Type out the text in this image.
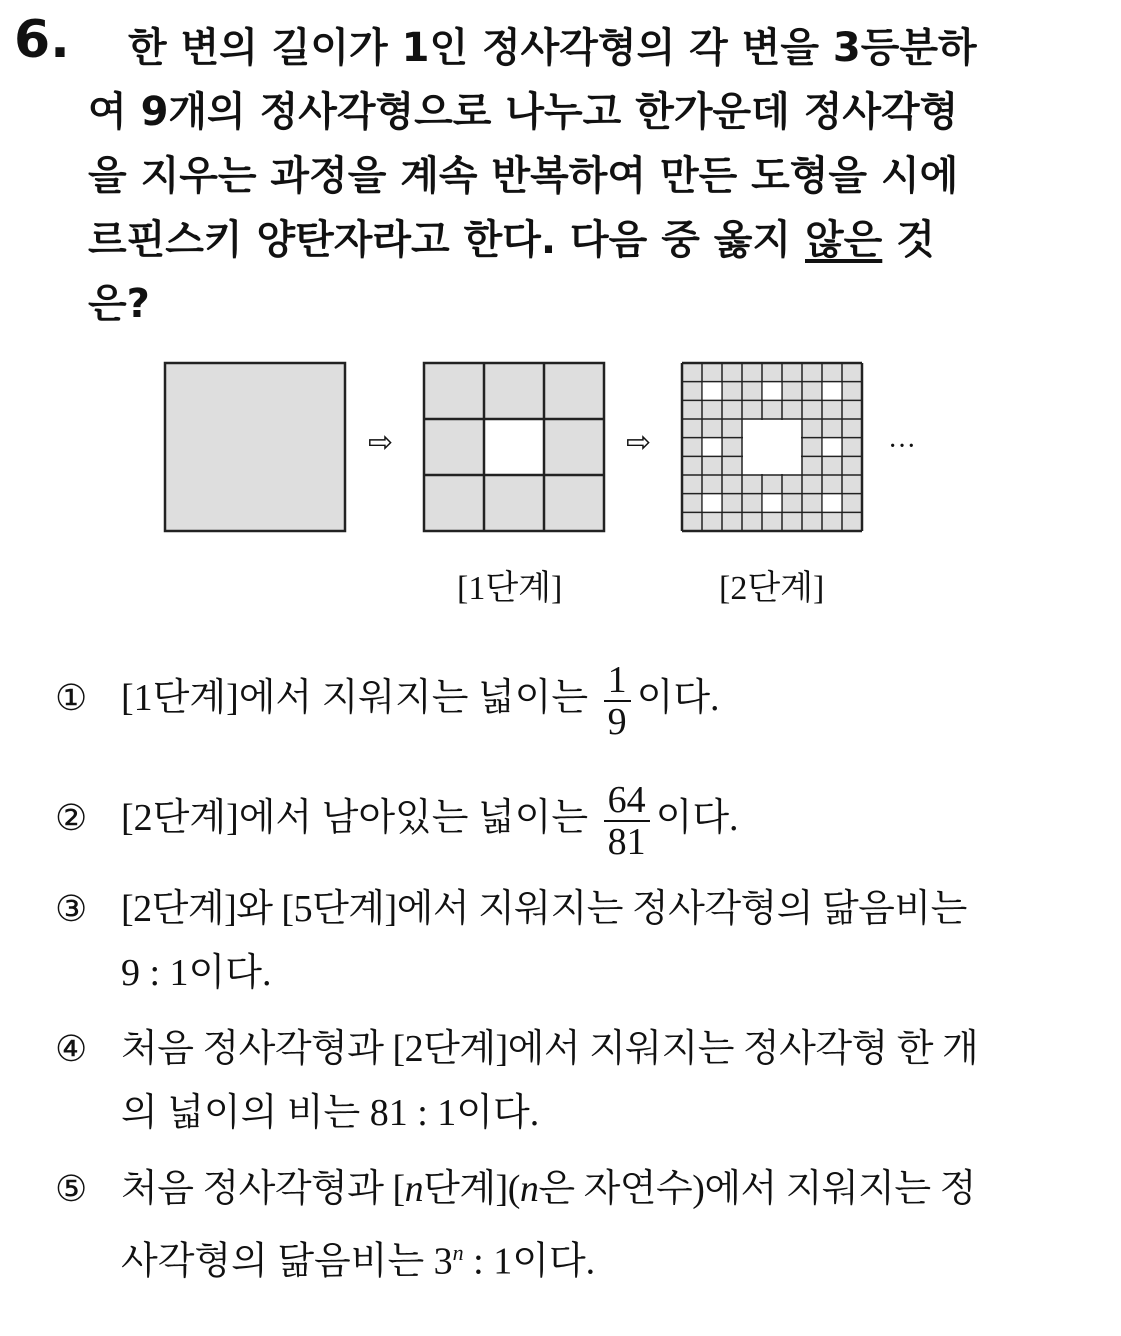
6.	한 변의 길이가 1인 정사각형의 각 변을 3등분하
여 9개의 정사각형으로 나누고 한가운데 정사각형
을 지우는 과정을 계속 반복하여 만든 도형을 시에
르핀스키 양탄자라고 한다. 다음 중 옳지 않은 것
은?
⇨	⇨	···
[1단계]	[2단계]
① [1단계]에서 지워지는 넓이는 $\frac{1}{9}$ 이다.
② [2단계]에서 남아있는 넓이는 $\frac{64}{81}$ 이다.
③ [2단계]와 [5단계]에서 지워지는 정사각형의 닮음비는
9 : 1이다.
④ 처음 정사각형과 [2단계]에서 지워지는 정사각형 한 개
의 넓이의 비는 81 : 1이다.
⑤ 처음 정사각형과 [n단계](n은 자연수)에서 지워지는 정
사각형의 닮음비는 3$^n$ : 1이다.
